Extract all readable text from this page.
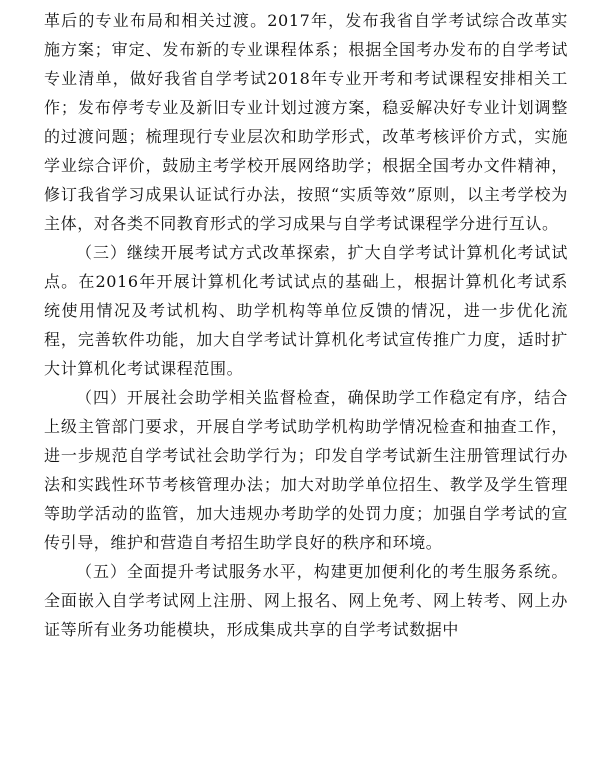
革后的专业布局和相关过渡。2017年，发布我省自学考试综合改革实施方案；审定、发布新的专业课程体系；根据全国考办发布的自学考试专业清单，做好我省自学考试2018年专业开考和考试课程安排相关工作；发布停考专业及新旧专业计划过渡方案，稳妥解决好专业计划调整的过渡问题；梳理现行专业层次和助学形式，改革考核评价方式，实施学业综合评价，鼓励主考学校开展网络助学；根据全国考办文件精神，修订我省学习成果认证试行办法，按照“实质等效”原则，以主考学校为主体，对各类不同教育形式的学习成果与自学考试课程学分进行互认。

（三）继续开展考试方式改革探索，扩大自学考试计算机化考试试点。在2016年开展计算机化考试试点的基础上，根据计算机化考试系统使用情况及考试机构、助学机构等单位反馈的情况，进一步优化流程，完善软件功能，加大自学考试计算机化考试宣传推广力度，适时扩大计算机化考试课程范围。

（四）开展社会助学相关监督检查，确保助学工作稳定有序，结合上级主管部门要求，开展自学考试助学机构助学情况检查和抽查工作，进一步规范自学考试社会助学行为；印发自学考试新生注册管理试行办法和实践性环节考核管理办法；加大对助学单位招生、教学及学生管理等助学活动的监管，加大违规办考助学的处罚力度；加强自学考试的宣传引导，维护和营造自考招生助学良好的秩序和环境。

（五）全面提升考试服务水平，构建更加便利化的考生服务系统。全面嵌入自学考试网上注册、网上报名、网上免考、网上转考、网上办证等所有业务功能模块，形成集成共享的自学考试数据中
